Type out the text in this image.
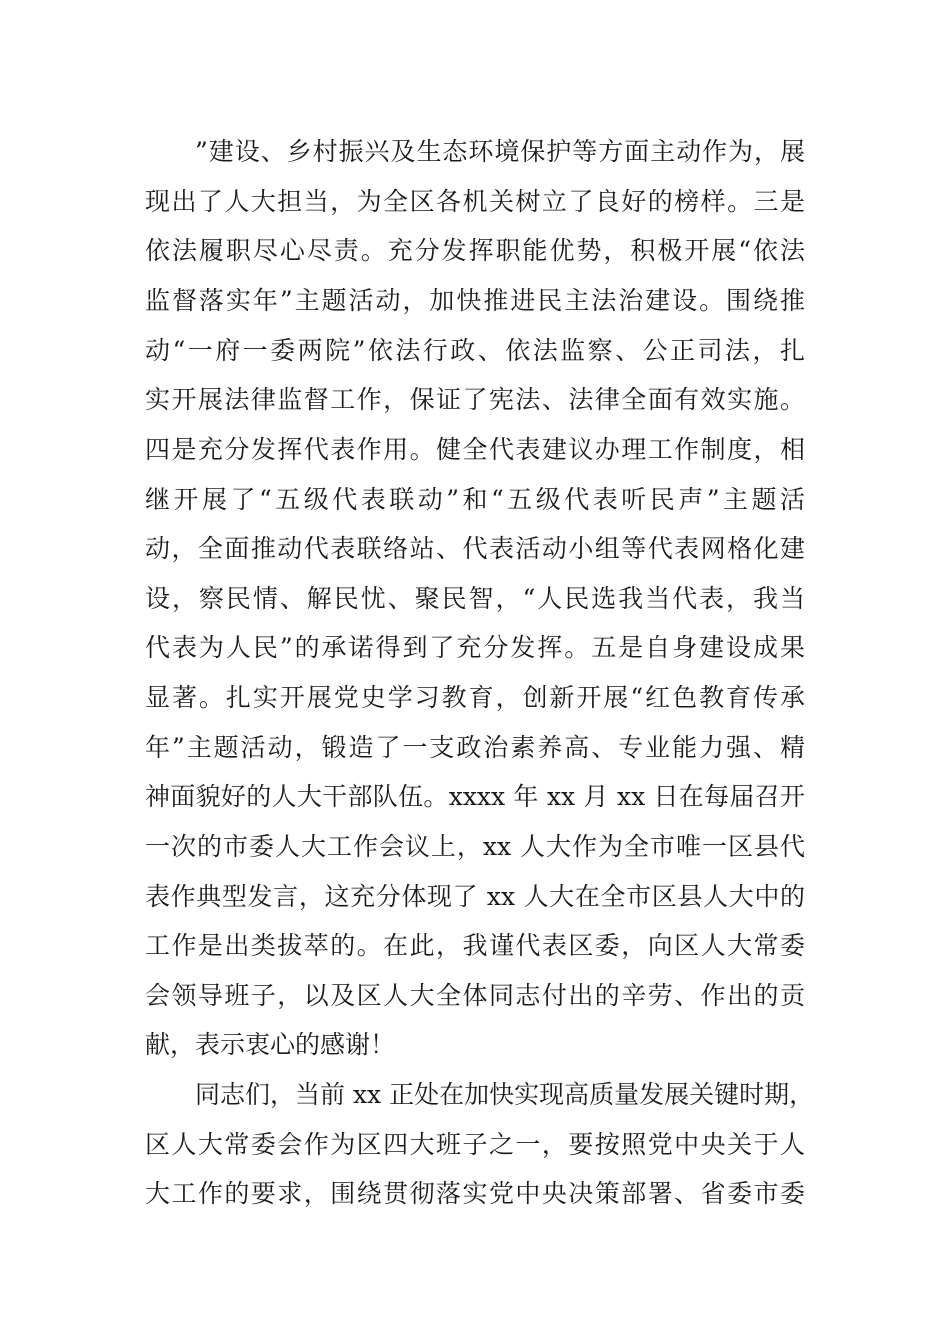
”建设、乡村振兴及生态环境保护等方面主动作为，展
现出了人大担当，为全区各机关树立了良好的榜样。三是
依法履职尽心尽责。充分发挥职能优势，积极开展“依法
监督落实年”主题活动，加快推进民主法治建设。围绕推
动“一府一委两院”依法行政、依法监察、公正司法，扎
实开展法律监督工作，保证了宪法、法律全面有效实施。
四是充分发挥代表作用。健全代表建议办理工作制度，相
继开展了“五级代表联动”和“五级代表听民声”主题活
动，全面推动代表联络站、代表活动小组等代表网格化建
设，察民情、解民忧、聚民智，“人民选我当代表，我当
代表为人民”的承诺得到了充分发挥。五是自身建设成果
显著。扎实开展党史学习教育，创新开展“红色教育传承
年”主题活动，锻造了一支政治素养高、专业能力强、精
神面貌好的人大干部队伍。xxxx 年 xx 月 xx 日在每届召开
一次的市委人大工作会议上，xx 人大作为全市唯一区县代
表作典型发言，这充分体现了 xx 人大在全市区县人大中的
工作是出类拔萃的。在此，我谨代表区委，向区人大常委
会领导班子，以及区人大全体同志付出的辛劳、作出的贡
献，表示衷心的感谢！
同志们，当前 xx 正处在加快实现高质量发展关键时期，
区人大常委会作为区四大班子之一，要按照党中央关于人
大工作的要求，围绕贯彻落实党中央决策部署、省委市委
